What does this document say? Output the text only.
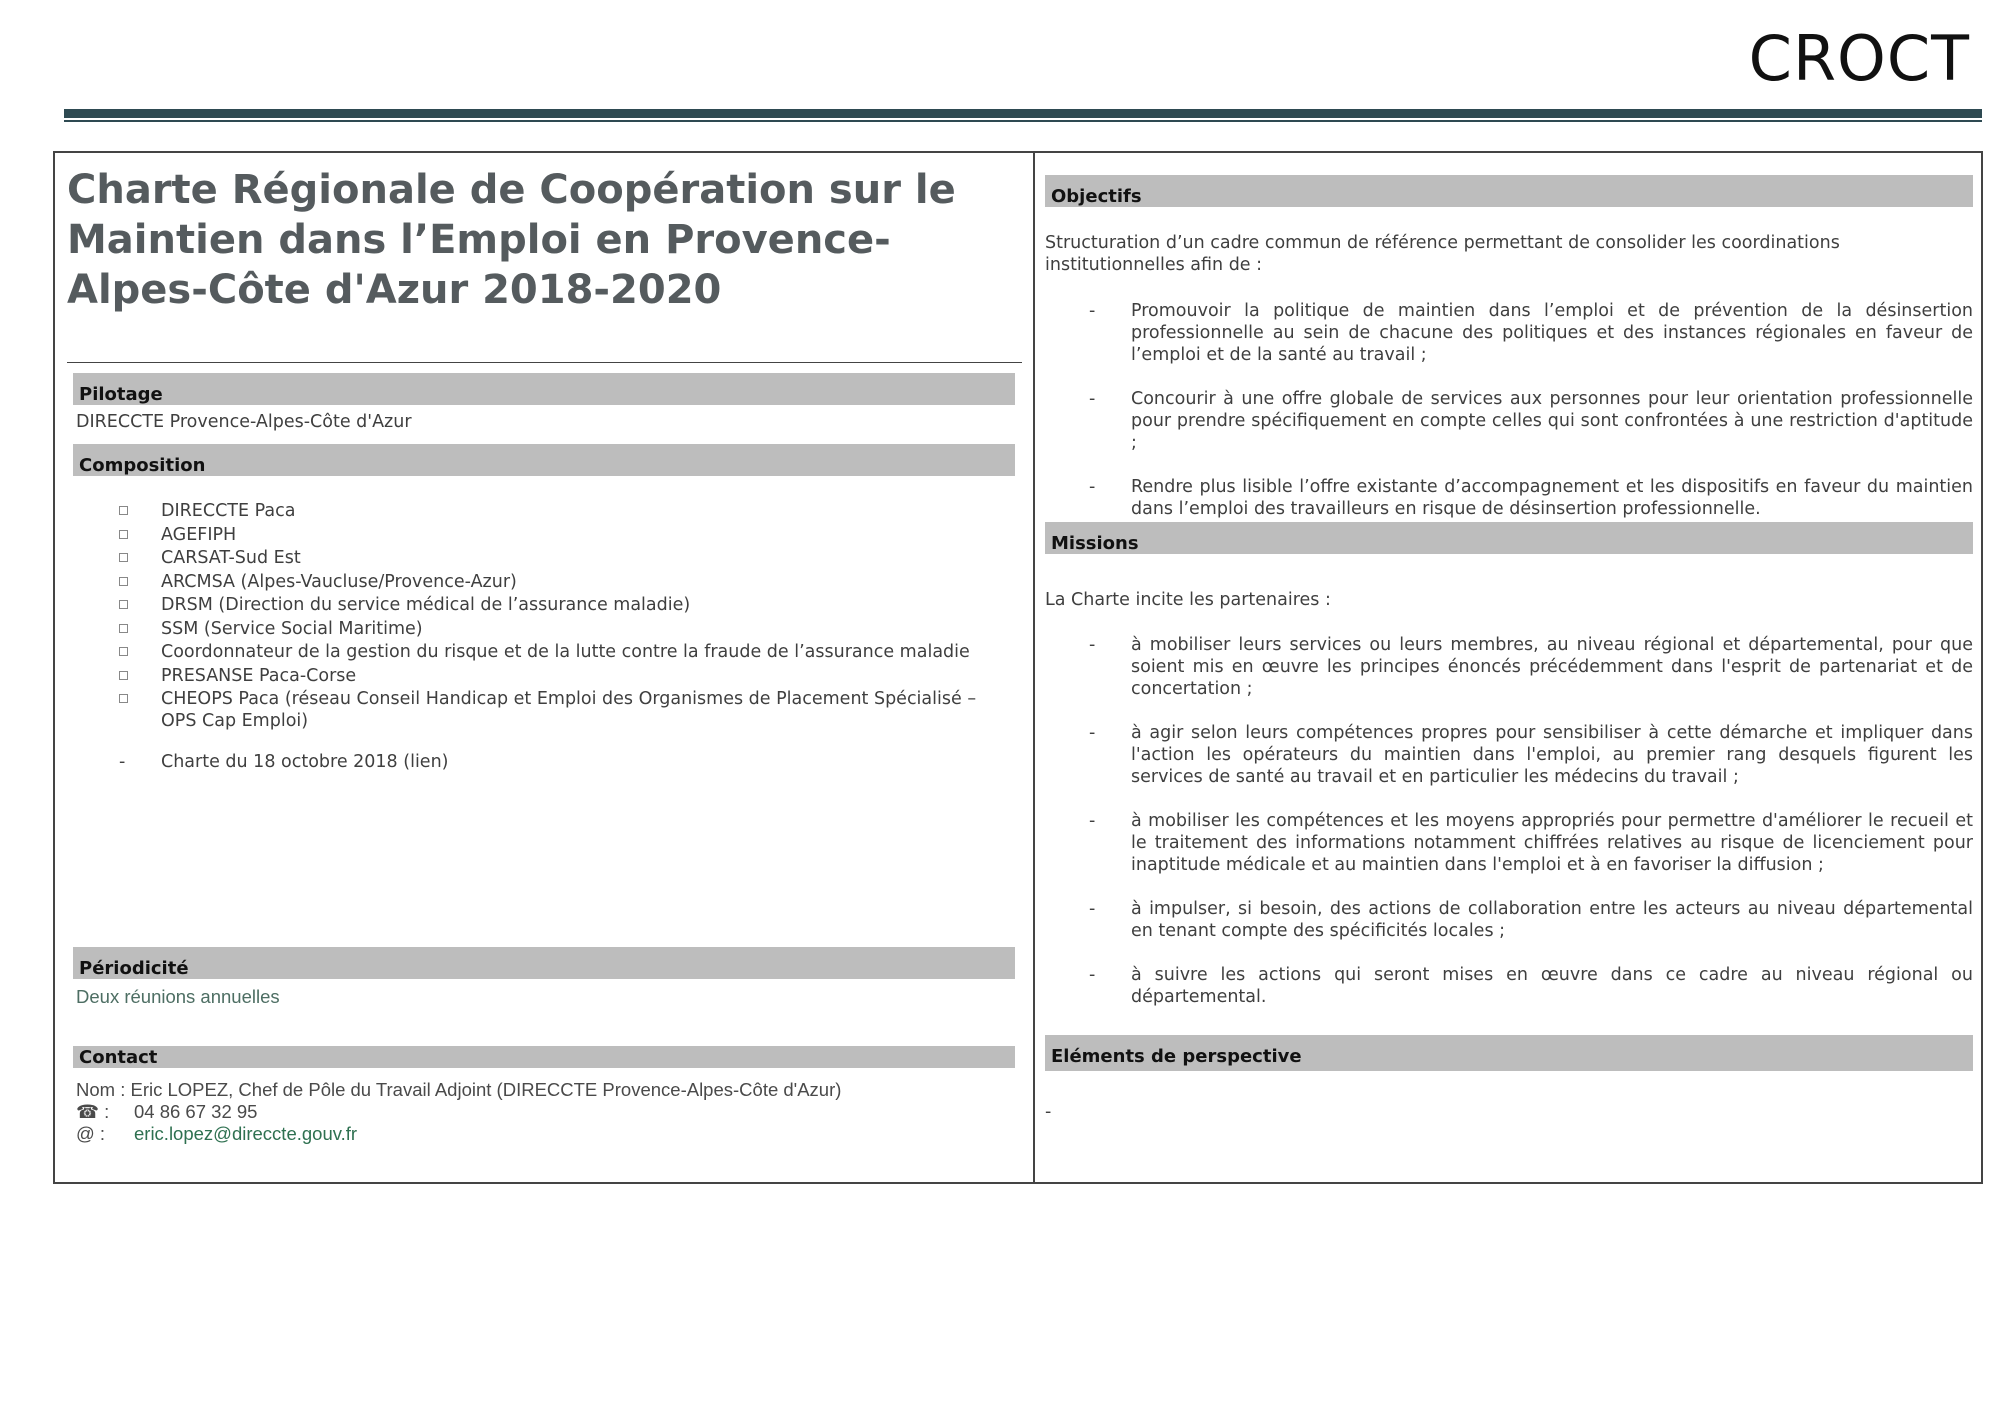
CROCT
Charte Régionale de Coopération sur le Maintien dans l’Emploi en Provence-Alpes-Côte d'Azur 2018-2020
Pilotage
DIRECCTE Provence-Alpes-Côte d'Azur
Composition
DIRECCTE Paca
AGEFIPH
CARSAT-Sud Est
ARCMSA (Alpes-Vaucluse/Provence-Azur)
DRSM (Direction du service médical de l’assurance maladie)
SSM (Service Social Maritime)
Coordonnateur de la gestion du risque et de la lutte contre la fraude de l’assurance maladie
PRESANSE Paca-Corse
CHEOPS Paca (réseau Conseil Handicap et Emploi des Organismes de Placement Spécialisé – OPS Cap Emploi)
- Charte du 18 octobre 2018 (lien)
Périodicité
Deux réunions annuelles
Contact
Nom : Eric LOPEZ, Chef de Pôle du Travail Adjoint (DIRECCTE Provence-Alpes-Côte d'Azur)
☎ : 04 86 67 32 95
@ : eric.lopez@direccte.gouv.fr
Objectifs
Structuration d’un cadre commun de référence permettant de consolider les coordinations institutionnelles afin de :
- Promouvoir la politique de maintien dans l’emploi et de prévention de la désinsertion professionnelle au sein de chacune des politiques et des instances régionales en faveur de l’emploi et de la santé au travail ;
- Concourir à une offre globale de services aux personnes pour leur orientation professionnelle pour prendre spécifiquement en compte celles qui sont confrontées à une restriction d'aptitude ;
- Rendre plus lisible l’offre existante d’accompagnement et les dispositifs en faveur du maintien dans l’emploi des travailleurs en risque de désinsertion professionnelle.
Missions
La Charte incite les partenaires :
- à mobiliser leurs services ou leurs membres, au niveau régional et départemental, pour que soient mis en œuvre les principes énoncés précédemment dans l'esprit de partenariat et de concertation ;
- à agir selon leurs compétences propres pour sensibiliser à cette démarche et impliquer dans l'action les opérateurs du maintien dans l'emploi, au premier rang desquels figurent les services de santé au travail et en particulier les médecins du travail ;
- à mobiliser les compétences et les moyens appropriés pour permettre d'améliorer le recueil et le traitement des informations notamment chiffrées relatives au risque de licenciement pour inaptitude médicale et au maintien dans l'emploi et à en favoriser la diffusion ;
- à impulser, si besoin, des actions de collaboration entre les acteurs au niveau départemental en tenant compte des spécificités locales ;
- à suivre les actions qui seront mises en œuvre dans ce cadre au niveau régional ou départemental.
Eléments de perspective
-
